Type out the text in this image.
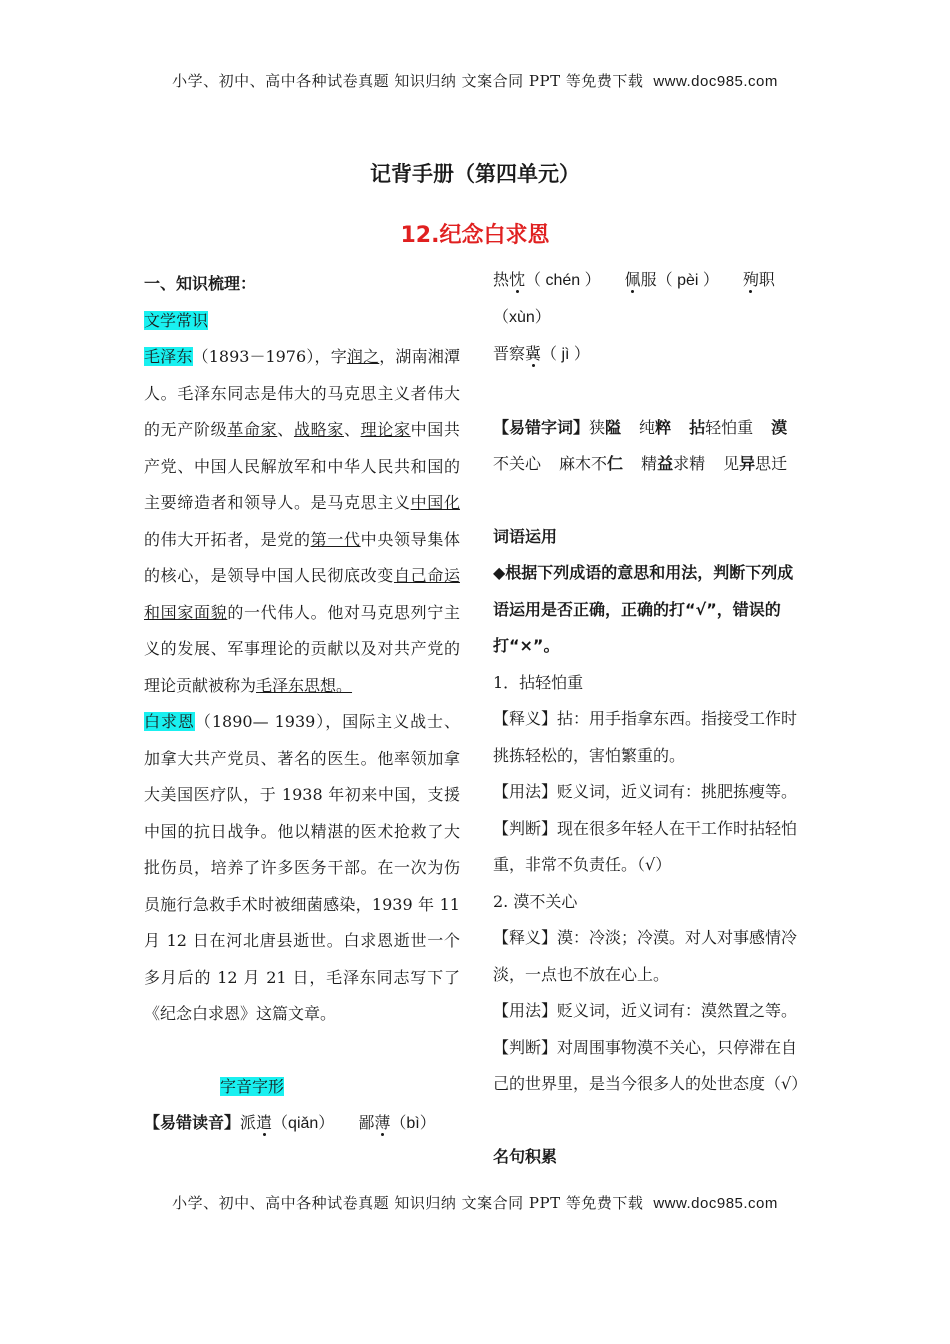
小学、初中、高中各种试卷真题 知识归纳 文案合同 PPT 等免费下载 www.doc985.com
记背手册（第四单元）
12.纪念白求恩
一、知识梳理：
文学常识

毛泽东（1893－1976），字润之，湖南湘潭人。毛泽东同志是伟大的马克思主义者伟大的无产阶级革命家、战略家、理论家中国共产党、中国人民解放军和中华人民共和国的主要缔造者和领导人。是马克思主义中国化的伟大开拓者，是党的第一代中央领导集体的核心，是领导中国人民彻底改变自己命运和国家面貌的一代伟人。他对马克思列宁主义的发展、军事理论的贡献以及对共产党的理论贡献被称为毛泽东思想。

白求恩（1890— 1939），国际主义战士、加拿大共产党员、著名的医生。他率领加拿大美国医疗队，于 1938 年初来中国，支援中国的抗日战争。他以精湛的医术抢救了大批伤员，培养了许多医务干部。在一次为伤员施行急救手术时被细菌感染，1939 年 11 月 12 日在河北唐县逝世。白求恩逝世一个多月后的 12 月 21 日，毛泽东同志写下了《纪念白求恩》这篇文章。

字音字形
【易错读音】派遣（qiǎn） 鄙薄（bì）
热忱（ chén ） 佩服（ pèi ） 殉职
（xùn）
晋察冀（ jì ）
【易错字词】狭隘 纯粹 拈轻怕重 漠
不关心 麻木不仁 精益求精 见异思迁
词语运用
◆根据下列成语的意思和用法，判断下列成语运用是否正确，正确的打“√”，错误的打“×”。
1．拈轻怕重
【释义】拈：用手指拿东西。指接受工作时挑拣轻松的，害怕繁重的。
【用法】贬义词，近义词有：挑肥拣瘦等。
【判断】现在很多年轻人在干工作时拈轻怕重，非常不负责任。（√）
2. 漠不关心
【释义】漠：冷淡；冷漠。对人对事感情冷淡，一点也不放在心上。
【用法】贬义词，近义词有：漠然置之等。
【判断】对周围事物漠不关心，只停滞在自己的世界里，是当今很多人的处世态度（√）
名句积累
小学、初中、高中各种试卷真题 知识归纳 文案合同 PPT 等免费下载 www.doc985.com
